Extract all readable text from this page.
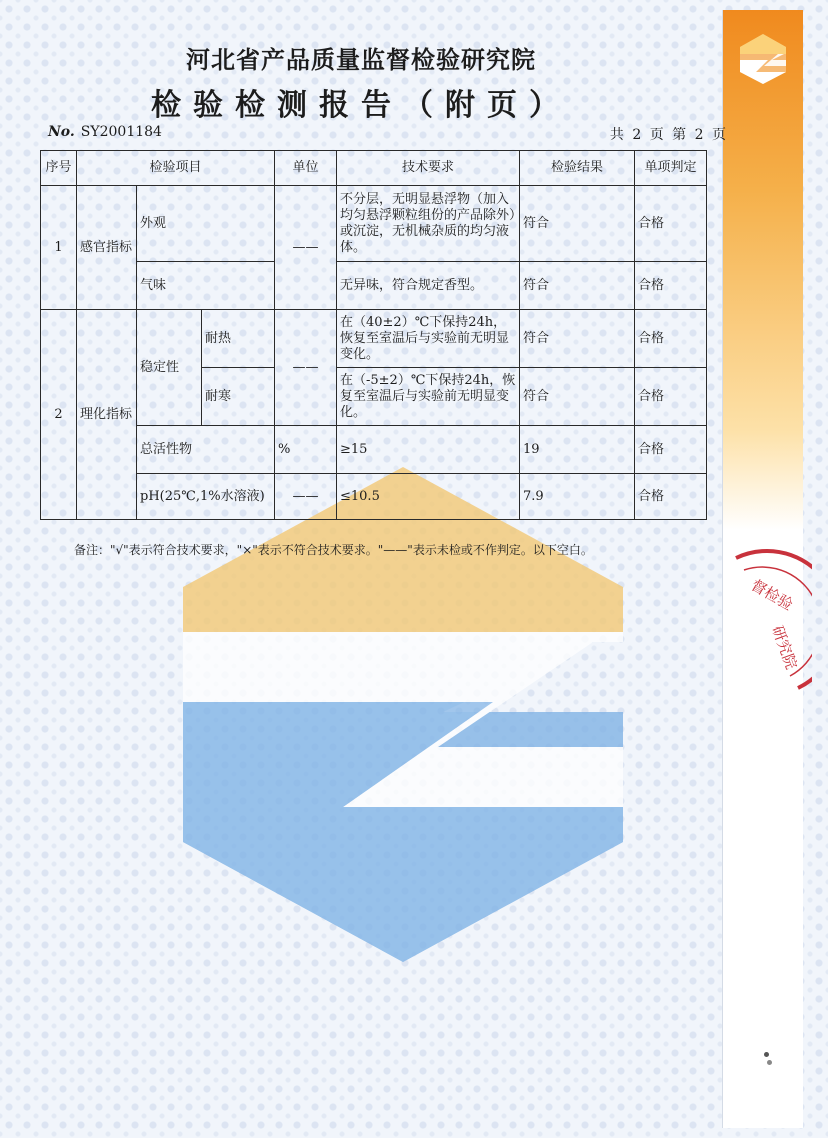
督检验
研究院
河北省产品质量监督检验研究院
检验检测报告（附页）
No. SY2001184	共 2 页 第 2 页
序号	检验项目			单位	技术要求	检验结果	单项判定
1	感官指标	外观		——	不分层，无明显悬浮物（加入均匀悬浮颗粒组份的产品除外）或沉淀，无机械杂质的均匀液体。	符合	合格
		气味			无异味，符合规定香型。	符合	合格
2	理化指标	稳定性	耐热	——	在（40±2）℃下保持24h，恢复至室温后与实验前无明显变化。	符合	合格
			耐寒		在（-5±2）℃下保持24h，恢复至室温后与实验前无明显变化。	符合	合格
		总活性物		%	≥15	19	合格
		pH(25℃,1%水溶液)		——	≤10.5	7.9	合格
备注："√"表示符合技术要求，"×"表示不符合技术要求。"——"表示未检或不作判定。以下空白。
